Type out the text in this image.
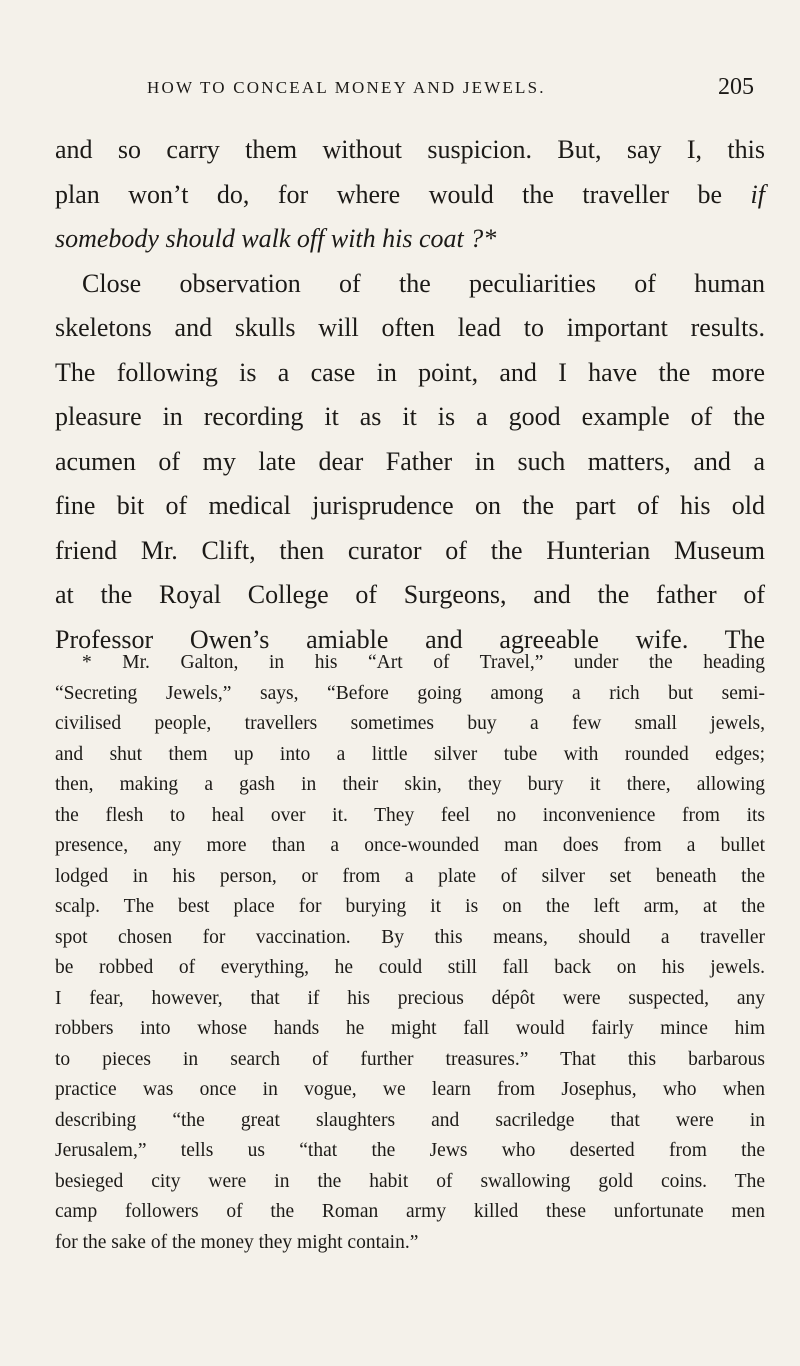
HOW TO CONCEAL MONEY AND JEWELS.	205
and so carry them without suspicion. But, say I, this
plan won’t do, for where would the traveller be if
somebody should walk off with his coat ?*
Close observation of the peculiarities of human
skeletons and skulls will often lead to important results.
The following is a case in point, and I have the more
pleasure in recording it as it is a good example of the
acumen of my late dear Father in such matters, and a
fine bit of medical jurisprudence on the part of his old
friend Mr. Clift, then curator of the Hunterian Museum
at the Royal College of Surgeons, and the father of
Professor Owen’s amiable and agreeable wife. The
* Mr. Galton, in his “Art of Travel,” under the heading
“Secreting Jewels,” says, “Before going among a rich but semi-
civilised people, travellers sometimes buy a few small jewels,
and shut them up into a little silver tube with rounded edges;
then, making a gash in their skin, they bury it there, allowing
the flesh to heal over it. They feel no inconvenience from its
presence, any more than a once-wounded man does from a bullet
lodged in his person, or from a plate of silver set beneath the
scalp. The best place for burying it is on the left arm, at the
spot chosen for vaccination. By this means, should a traveller
be robbed of everything, he could still fall back on his jewels.
I fear, however, that if his precious dépôt were suspected, any
robbers into whose hands he might fall would fairly mince him
to pieces in search of further treasures.” That this barbarous
practice was once in vogue, we learn from Josephus, who when
describing “the great slaughters and sacriledge that were in
Jerusalem,” tells us “that the Jews who deserted from the
besieged city were in the habit of swallowing gold coins. The
camp followers of the Roman army killed these unfortunate men
for the sake of the money they might contain.”
